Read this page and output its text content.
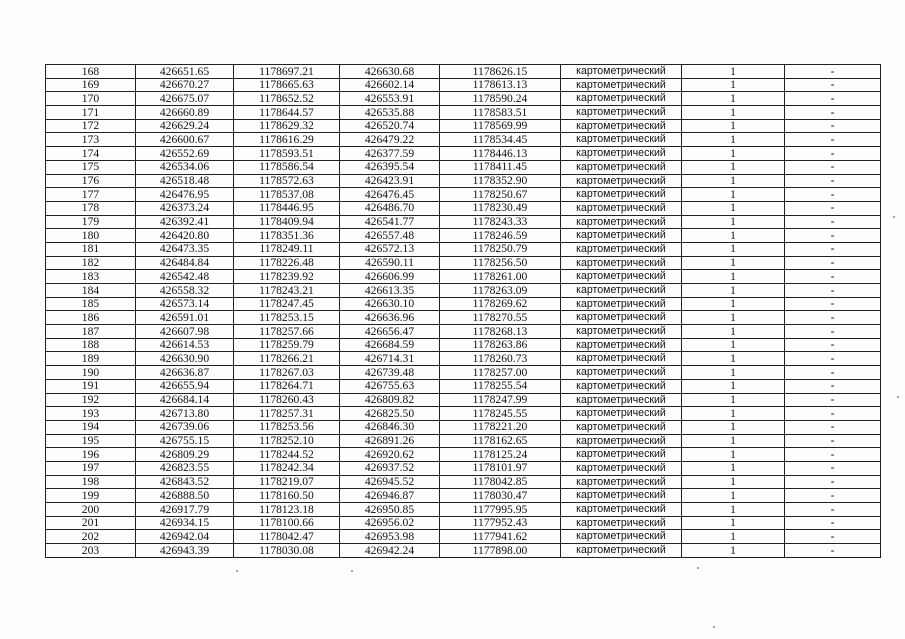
168	426651.65	1178697.21	426630.68	1178626.15	картометрический	1	-
169	426670.27	1178665.63	426602.14	1178613.13	картометрический	1	-
170	426675.07	1178652.52	426553.91	1178590.24	картометрический	1	-
171	426660.89	1178644.57	426535.88	1178583.51	картометрический	1	-
172	426629.24	1178629.32	426520.74	1178569.99	картометрический	1	-
173	426600.67	1178616.29	426479.22	1178534.45	картометрический	1	-
174	426552.69	1178593.51	426377.59	1178446.13	картометрический	1	-
175	426534.06	1178586.54	426395.54	1178411.45	картометрический	1	-
176	426518.48	1178572.63	426423.91	1178352.90	картометрический	1	-
177	426476.95	1178537.08	426476.45	1178250.67	картометрический	1	-
178	426373.24	1178446.95	426486.70	1178230.49	картометрический	1	-
179	426392.41	1178409.94	426541.77	1178243.33	картометрический	1	-
180	426420.80	1178351.36	426557.48	1178246.59	картометрический	1	-
181	426473.35	1178249.11	426572.13	1178250.79	картометрический	1	-
182	426484.84	1178226.48	426590.11	1178256.50	картометрический	1	-
183	426542.48	1178239.92	426606.99	1178261.00	картометрический	1	-
184	426558.32	1178243.21	426613.35	1178263.09	картометрический	1	-
185	426573.14	1178247.45	426630.10	1178269.62	картометрический	1	-
186	426591.01	1178253.15	426636.96	1178270.55	картометрический	1	-
187	426607.98	1178257.66	426656.47	1178268.13	картометрический	1	-
188	426614.53	1178259.79	426684.59	1178263.86	картометрический	1	-
189	426630.90	1178266.21	426714.31	1178260.73	картометрический	1	-
190	426636.87	1178267.03	426739.48	1178257.00	картометрический	1	-
191	426655.94	1178264.71	426755.63	1178255.54	картометрический	1	-
192	426684.14	1178260.43	426809.82	1178247.99	картометрический	1	-
193	426713.80	1178257.31	426825.50	1178245.55	картометрический	1	-
194	426739.06	1178253.56	426846.30	1178221.20	картометрический	1	-
195	426755.15	1178252.10	426891.26	1178162.65	картометрический	1	-
196	426809.29	1178244.52	426920.62	1178125.24	картометрический	1	-
197	426823.55	1178242.34	426937.52	1178101.97	картометрический	1	-
198	426843.52	1178219.07	426945.52	1178042.85	картометрический	1	-
199	426888.50	1178160.50	426946.87	1178030.47	картометрический	1	-
200	426917.79	1178123.18	426950.85	1177995.95	картометрический	1	-
201	426934.15	1178100.66	426956.02	1177952.43	картометрический	1	-
202	426942.04	1178042.47	426953.98	1177941.62	картометрический	1	-
203	426943.39	1178030.08	426942.24	1177898.00	картометрический	1	-
